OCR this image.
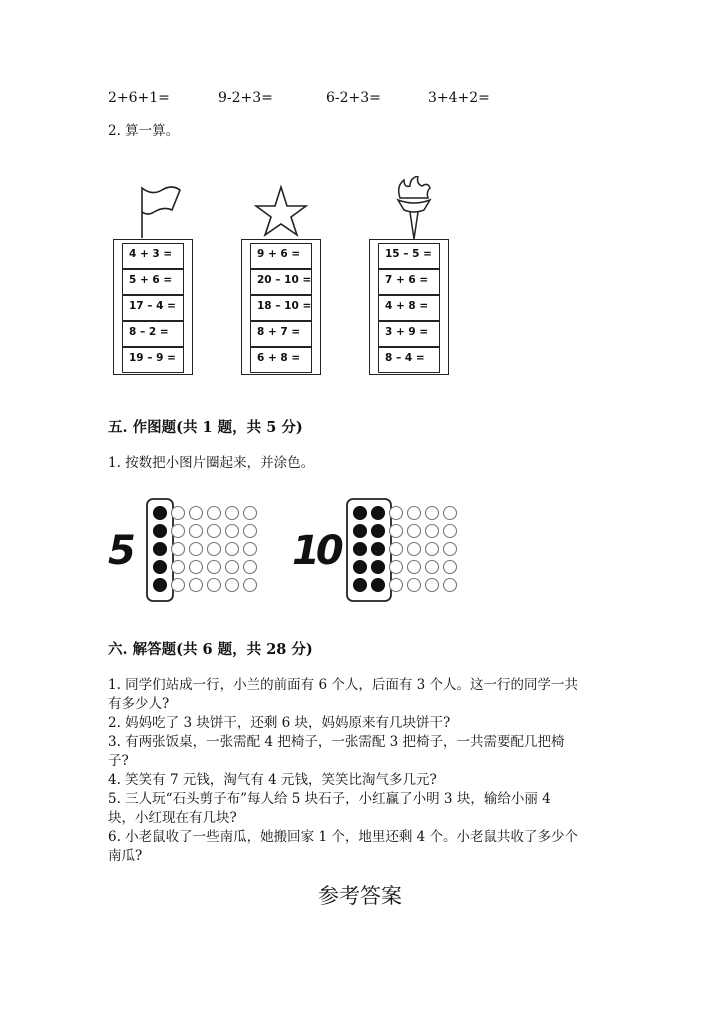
2+6+1=	9-2+3=	6-2+3=	3+4+2=
2. 算一算。
4 + 3 =
5 + 6 =
17 – 4 =
8 – 2 =
19 – 9 =
9 + 6 =
20 – 10 =
18 – 10 =
8 + 7 =
6 + 8 =
15 – 5 =
7 + 6 =
4 + 8 =
3 + 9 =
8 – 4 =
五. 作图题(共 1 题，共 5 分)
1. 按数把小图片圈起来，并涂色。
5	10
六. 解答题(共 6 题，共 28 分)
1. 同学们站成一行，小兰的前面有 6 个人，后面有 3 个人。这一行的同学一共
有多少人?
2. 妈妈吃了 3 块饼干，还剩 6 块，妈妈原来有几块饼干?
3. 有两张饭桌，一张需配 4 把椅子，一张需配 3 把椅子，一共需要配几把椅
子?
4. 笑笑有 7 元钱，淘气有 4 元钱，笑笑比淘气多几元?
5. 三人玩“石头剪子布”每人给 5 块石子，小红赢了小明 3 块，输给小丽 4
块，小红现在有几块?
6. 小老鼠收了一些南瓜，她搬回家 1 个，地里还剩 4 个。小老鼠共收了多少个
南瓜?
参考答案
